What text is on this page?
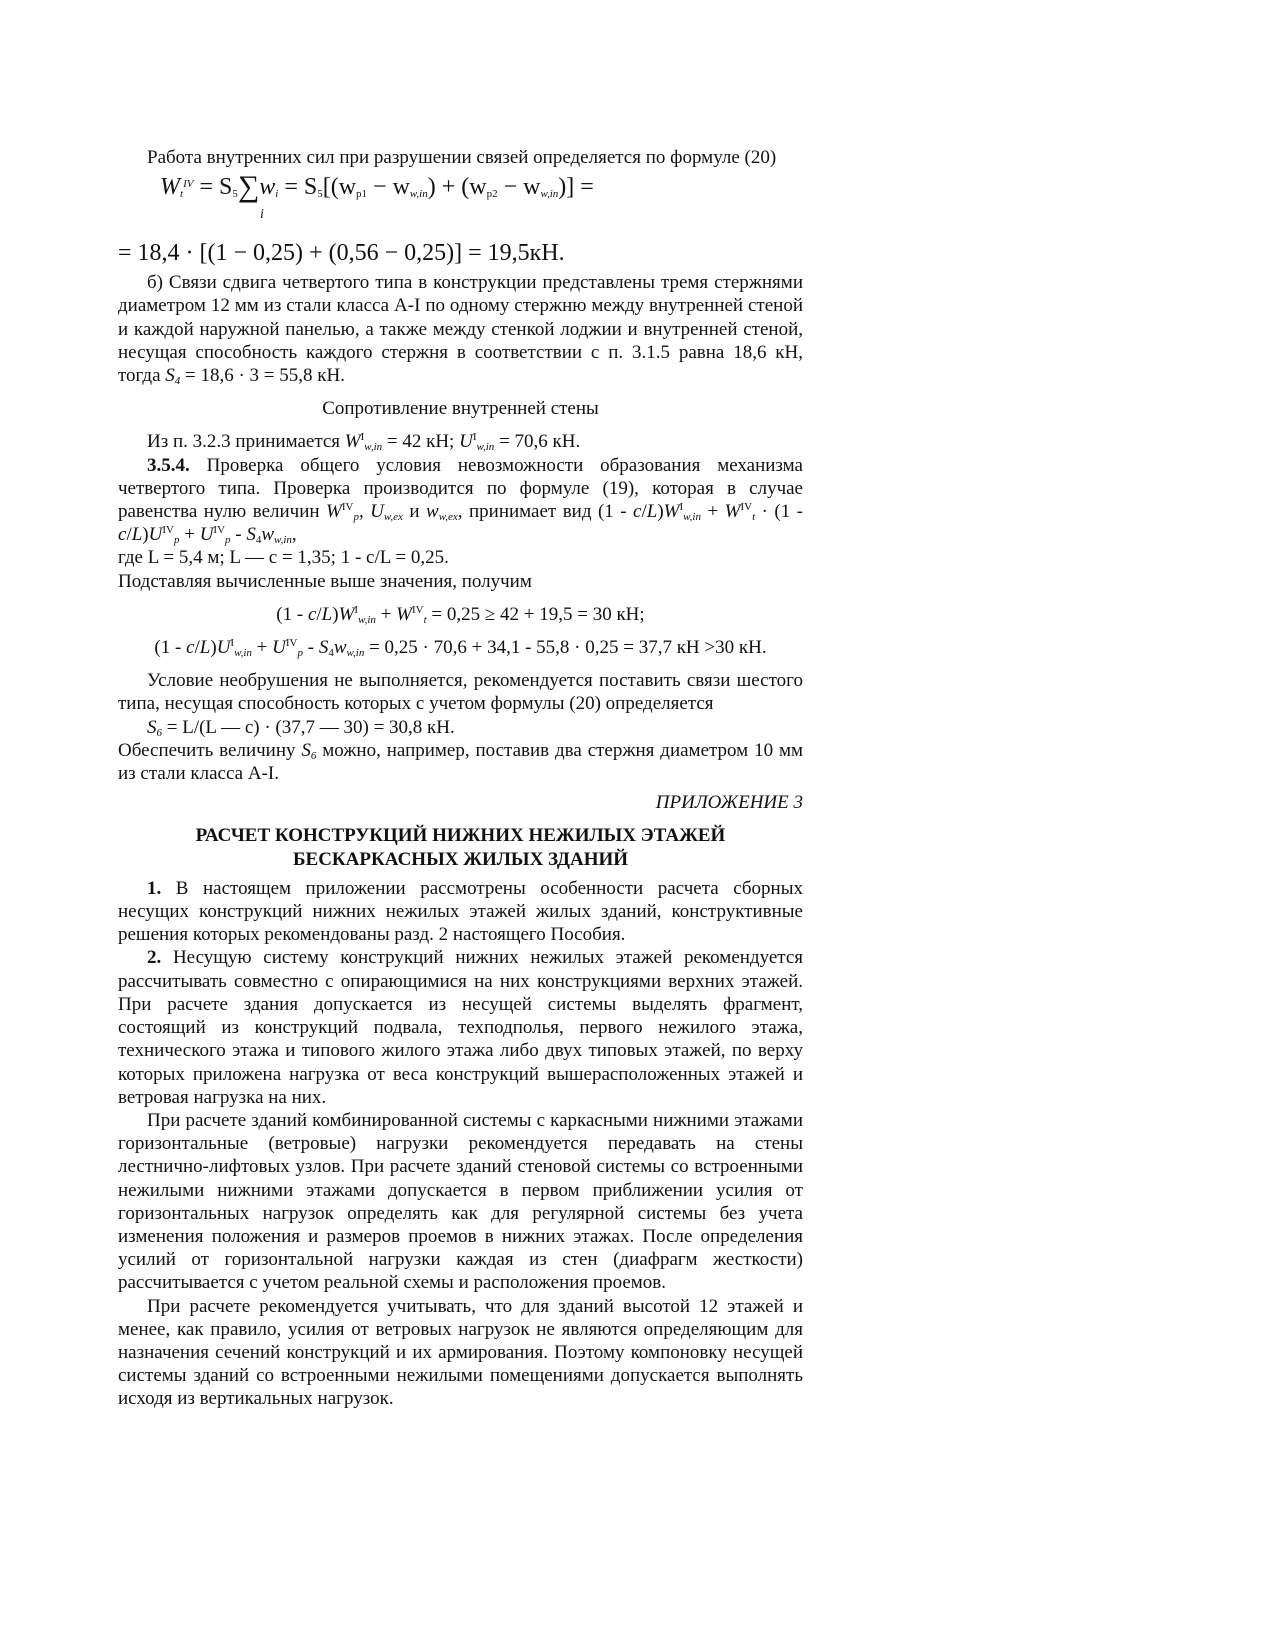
Работа внутренних сил при разрушении связей определяется по формуле (20)

$W_t^{IV} = S_5\sum w_i = S_5[(w_{p1} - w_{w,in}) + (w_{p2} - w_{w,in})]$ =
i
= 18,4 · [(1 − 0,25) + (0,56 − 0,25)] = 19,5кН.

б) Связи сдвига четвертого типа в конструкции представлены тремя стержнями диаметром 12 мм из стали класса А-I по одному стержню между внутренней стеной и каждой наружной панелью, а также между стенкой лоджии и внутренней стеной, несущая способность каждого стержня в соответствии с п. 3.1.5 равна 18,6 кН, тогда $S_4 = 18,6 \cdot 3 = 55,8$ кН.

Сопротивление внутренней стены

Из п. 3.2.3 принимается $W^I_{w,in} = 42$ кН; $U^I_{w,in} = 70,6$ кН.

3.5.4. Проверка общего условия невозможности образования механизма четвертого типа. Проверка производится по формуле (19), которая в случае равенства нулю величин $W^{IV}_p$, $U_{w,ex}$ и $w_{w,ex}$, принимает вид $(1 - c/L)W^I_{w,in} + W^{IV}_t \cdot (1 - c/L)U^{IV}_p + U^{IV}_p - S_4w_{w,in}$,

где L = 5,4 м; L — c = 1,35; 1 - c/L = 0,25.

Подставляя вычисленные выше значения, получим

$(1 - c/L)W^I_{w,in} + W^{IV}_t = 0,25 \ge 42 + 19,5 = 30$ кН;

$(1 - c/L)U^I_{w,in} + U^{IV}_p - S_4w_{w,in} = 0,25 \cdot 70,6 + 34,1 - 55,8 \cdot 0,25 = 37,7$ кН >30 кН.

Условие необрушения не выполняется, рекомендуется поставить связи шестого типа, несущая способность которых с учетом формулы (20) определяется

$S_6 = L/(L$ — c) · (37,7 — 30) = 30,8 кН.

Обеспечить величину $S_6$ можно, например, поставив два стержня диаметром 10 мм из стали класса А-I.

ПРИЛОЖЕНИЕ 3

РАСЧЕТ КОНСТРУКЦИЙ НИЖНИХ НЕЖИЛЫХ ЭТАЖЕЙ
БЕСКАРКАСНЫХ ЖИЛЫХ ЗДАНИЙ

1. В настоящем приложении рассмотрены особенности расчета сборных несущих конструкций нижних нежилых этажей жилых зданий, конструктивные решения которых рекомендованы разд. 2 настоящего Пособия.

2. Несущую систему конструкций нижних нежилых этажей рекомендуется рассчитывать совместно с опирающимися на них конструкциями верхних этажей. При расчете здания допускается из несущей системы выделять фрагмент, состоящий из конструкций подвала, техподполья, первого нежилого этажа, технического этажа и типового жилого этажа либо двух типовых этажей, по верху которых приложена нагрузка от веса конструкций вышерасположенных этажей и ветровая нагрузка на них.

При расчете зданий комбинированной системы с каркасными нижними этажами горизонтальные (ветровые) нагрузки рекомендуется передавать на стены лестнично-лифтовых узлов. При расчете зданий стеновой системы со встроенными нежилыми нижними этажами допускается в первом приближении усилия от горизонтальных нагрузок определять как для регулярной системы без учета изменения положения и размеров проемов в нижних этажах. После определения усилий от горизонтальной нагрузки каждая из стен (диафрагм жесткости) рассчитывается с учетом реальной схемы и расположения проемов.

При расчете рекомендуется учитывать, что для зданий высотой 12 этажей и менее, как правило, усилия от ветровых нагрузок не являются определяющим для назначения сечений конструкций и их армирования. Поэтому компоновку несущей системы зданий со встроенными нежилыми помещениями допускается выполнять исходя из вертикальных нагрузок.
